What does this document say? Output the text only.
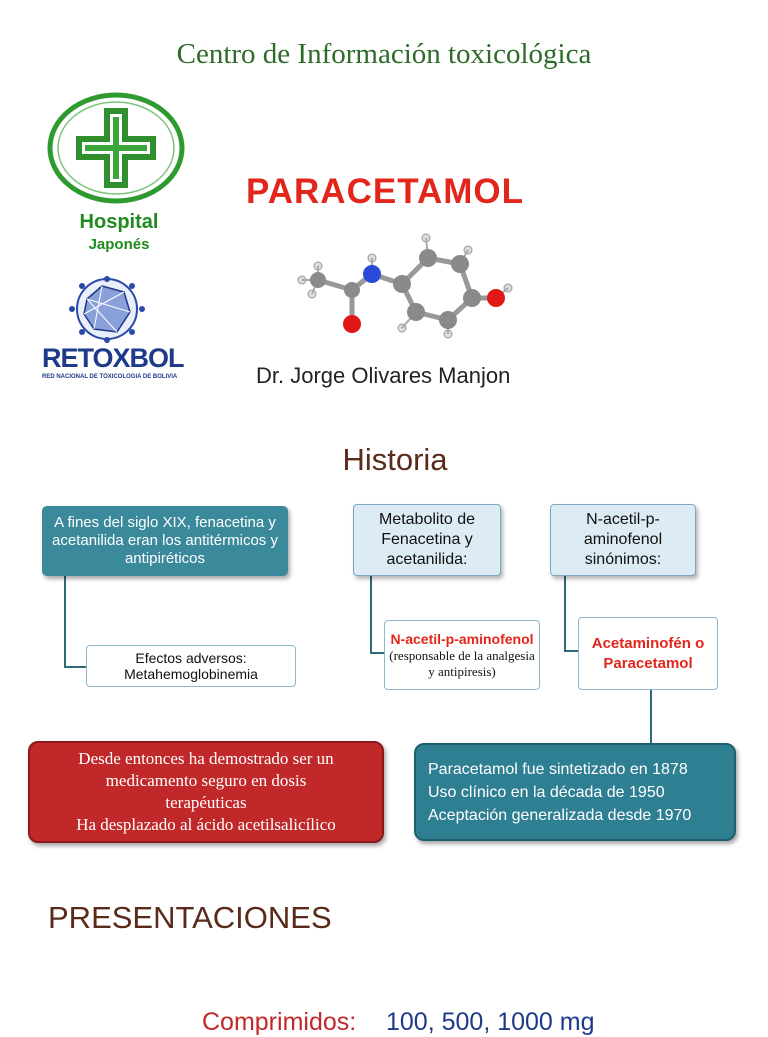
Centro de Información toxicológica
Hospital
Japonés
RETOXBOL
RED NACIONAL DE TOXICOLOGIA DE BOLIVIA
PARACETAMOL
Dr. Jorge Olivares Manjon
Historia
A fines del siglo XIX, fenacetina y acetanilida eran los antitérmicos y antipiréticos
Efectos adversos:
Metahemoglobinemia
Metabolito de Fenacetina y acetanilida:
N-acetil-p-aminofenol
(responsable de la analgesia y antipiresis)
N-acetil-p-aminofenol sinónimos:
Acetaminofén o
Paracetamol
Desde entonces ha demostrado ser un
medicamento seguro en dosis
terapéuticas
Ha desplazado al ácido acetilsalicílico
Paracetamol fue sintetizado en 1878
Uso clínico en la década de 1950
Aceptación generalizada desde 1970
PRESENTACIONES
Comprimidos: 100, 500, 1000 mg
